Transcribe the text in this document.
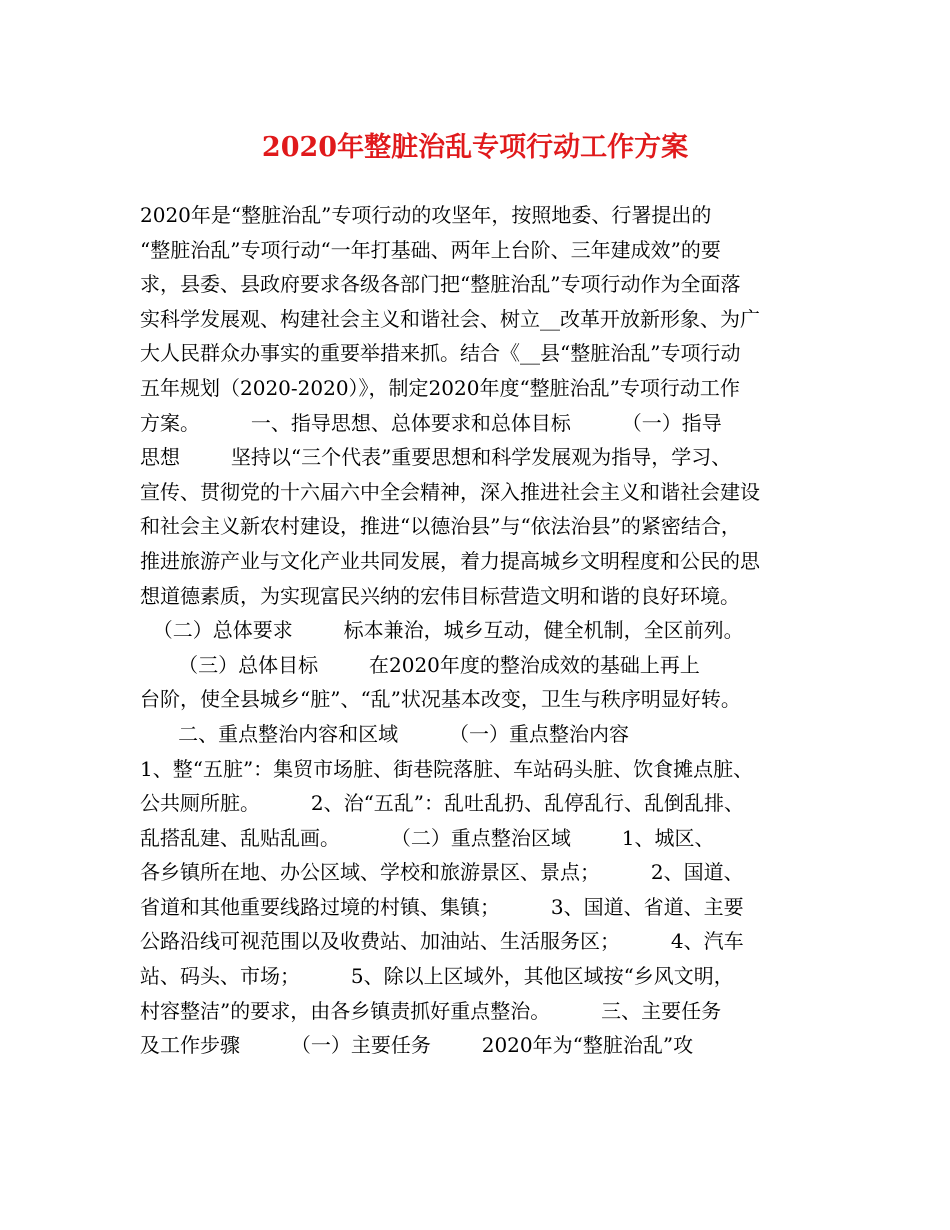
2020年整脏治乱专项行动工作方案
2020年是“整脏治乱”专项行动的攻坚年，按照地委、行署提出的
“整脏治乱”专项行动“一年打基础、两年上台阶、三年建成效”的要
求，县委、县政府要求各级各部门把“整脏治乱”专项行动作为全面落
实科学发展观、构建社会主义和谐社会、树立__改革开放新形象、为广
大人民群众办事实的重要举措来抓。结合《__县“整脏治乱”专项行动
五年规划（2020-2020）》，制定2020年度“整脏治乱”专项行动工作
方案。        一、指导思想、总体要求和总体目标        （一）指导
思想        坚持以“三个代表”重要思想和科学发展观为指导，学习、
宣传、贯彻党的十六届六中全会精神，深入推进社会主义和谐社会建设
和社会主义新农村建设，推进“以德治县”与“依法治县”的紧密结合，
推进旅游产业与文化产业共同发展，着力提高城乡文明程度和公民的思
想道德素质，为实现富民兴纳的宏伟目标营造文明和谐的良好环境。
（二）总体要求        标本兼治，城乡互动，健全机制，全区前列。
（三）总体目标        在2020年度的整治成效的基础上再上
台阶，使全县城乡“脏”、“乱”状况基本改变，卫生与秩序明显好转。
二、重点整治内容和区域        （一）重点整治内容
1、整“五脏”：集贸市场脏、街巷院落脏、车站码头脏、饮食摊点脏、
公共厕所脏。        2、治“五乱”：乱吐乱扔、乱停乱行、乱倒乱排、
乱搭乱建、乱贴乱画。        （二）重点整治区域        1、城区、
各乡镇所在地、办公区域、学校和旅游景区、景点；        2、国道、
省道和其他重要线路过境的村镇、集镇；        3、国道、省道、主要
公路沿线可视范围以及收费站、加油站、生活服务区；        4、汽车
站、码头、市场；        5、除以上区域外，其他区域按“乡风文明，
村容整洁”的要求，由各乡镇责抓好重点整治。        三、主要任务
及工作步骤        （一）主要任务        2020年为“整脏治乱”攻
